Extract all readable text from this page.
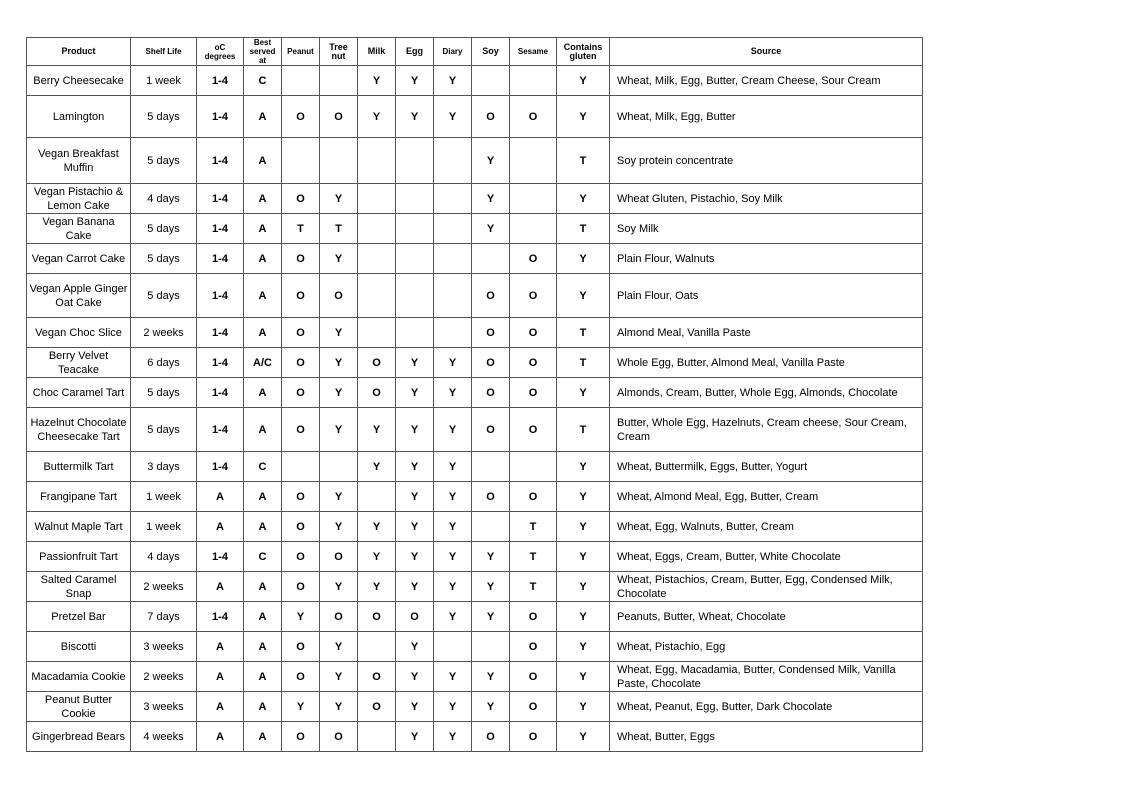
Product	Shelf Life	oC degrees	Best served at	Peanut	Tree nut	Milk	Egg	Diary	Soy	Sesame	Contains gluten	Source
Berry Cheesecake	1 week	1-4	C			Y	Y	Y			Y	Wheat, Milk, Egg, Butter, Cream Cheese, Sour Cream
Lamington	5 days	1-4	A	O	O	Y	Y	Y	O	O	Y	Wheat, Milk, Egg, Butter
Vegan Breakfast Muffin	5 days	1-4	A						Y		T	Soy protein concentrate
Vegan Pistachio & Lemon Cake	4 days	1-4	A	O	Y				Y		Y	Wheat Gluten, Pistachio, Soy Milk
Vegan Banana Cake	5 days	1-4	A	T	T				Y		T	Soy Milk
Vegan Carrot Cake	5 days	1-4	A	O	Y					O	Y	Plain Flour, Walnuts
Vegan Apple Ginger Oat Cake	5 days	1-4	A	O	O				O	O	Y	Plain Flour, Oats
Vegan Choc Slice	2 weeks	1-4	A	O	Y				O	O	T	Almond Meal, Vanilla Paste
Berry Velvet Teacake	6 days	1-4	A/C	O	Y	O	Y	Y	O	O	T	Whole Egg, Butter, Almond Meal, Vanilla Paste
Choc Caramel Tart	5 days	1-4	A	O	Y	O	Y	Y	O	O	Y	Almonds, Cream, Butter, Whole Egg, Almonds, Chocolate
Hazelnut Chocolate Cheesecake Tart	5 days	1-4	A	O	Y	Y	Y	Y	O	O	T	Butter, Whole Egg, Hazelnuts, Cream cheese, Sour Cream, Cream
Buttermilk Tart	3 days	1-4	C			Y	Y	Y			Y	Wheat, Buttermilk, Eggs, Butter, Yogurt
Frangipane Tart	1 week	A	A	O	Y		Y	Y	O	O	Y	Wheat, Almond Meal, Egg, Butter, Cream
Walnut Maple Tart	1 week	A	A	O	Y	Y	Y	Y		T	Y	Wheat, Egg, Walnuts, Butter, Cream
Passionfruit Tart	4 days	1-4	C	O	O	Y	Y	Y	Y	T	Y	Wheat, Eggs, Cream, Butter, White Chocolate
Salted Caramel Snap	2 weeks	A	A	O	Y	Y	Y	Y	Y	T	Y	Wheat, Pistachios, Cream, Butter, Egg, Condensed Milk, Chocolate
Pretzel Bar	7 days	1-4	A	Y	O	O	O	Y	Y	O	Y	Peanuts, Butter, Wheat, Chocolate
Biscotti	3 weeks	A	A	O	Y		Y			O	Y	Wheat, Pistachio, Egg
Macadamia Cookie	2 weeks	A	A	O	Y	O	Y	Y	Y	O	Y	Wheat, Egg, Macadamia, Butter, Condensed Milk, Vanilla Paste, Chocolate
Peanut Butter Cookie	3 weeks	A	A	Y	Y	O	Y	Y	Y	O	Y	Wheat, Peanut, Egg, Butter, Dark Chocolate
Gingerbread Bears	4 weeks	A	A	O	O		Y	Y	O	O	Y	Wheat, Butter, Eggs
